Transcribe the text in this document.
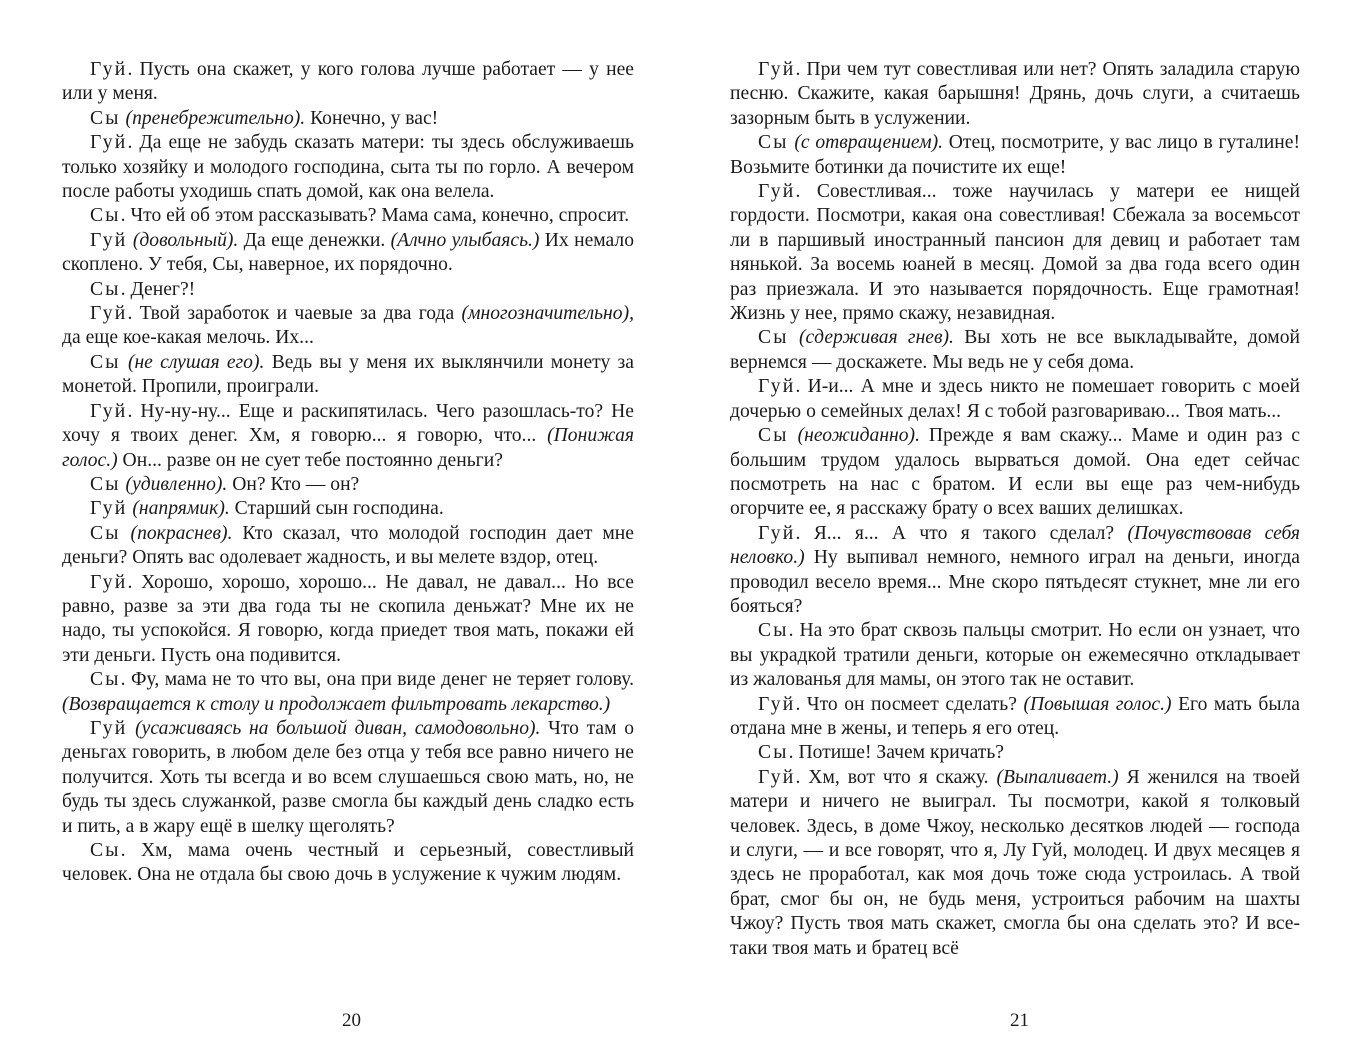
Гуй. Пусть она скажет, у кого голова лучше работает — у нее или у меня.

Сы (пренебрежительно). Конечно, у вас!

Гуй. Да еще не забудь сказать матери: ты здесь обслуживаешь только хозяйку и молодого господина, сыта ты по горло. А вечером после работы уходишь спать домой, как она велела.

Сы. Что ей об этом рассказывать? Мама сама, конечно, спросит.

Гуй (довольный). Да еще денежки. (Алчно улыбаясь.) Их немало скоплено. У тебя, Сы, наверное, их порядочно.

Сы. Денег?!

Гуй. Твой заработок и чаевые за два года (многозначительно), да еще кое-какая мелочь. Их...

Сы (не слушая его). Ведь вы у меня их выклянчили монету за монетой. Пропили, проиграли.

Гуй. Ну-ну-ну... Еще и раскипятилась. Чего разошлась-то? Не хочу я твоих денег. Хм, я говорю... я говорю, что... (Понижая голос.) Он... разве он не сует тебе постоянно деньги?

Сы (удивленно). Он? Кто — он?

Гуй (напрямик). Старший сын господина.

Сы (покраснев). Кто сказал, что молодой господин дает мне деньги? Опять вас одолевает жадность, и вы мелете вздор, отец.

Гуй. Хорошо, хорошо, хорошо... Не давал, не давал... Но все равно, разве за эти два года ты не скопила деньжат? Мне их не надо, ты успокойся. Я говорю, когда приедет твоя мать, покажи ей эти деньги. Пусть она подивится.

Сы. Фу, мама не то что вы, она при виде денег не теряет голову. (Возвращается к столу и продолжает фильтровать лекарство.)

Гуй (усаживаясь на большой диван, самодовольно). Что там о деньгах говорить, в любом деле без отца у тебя все равно ничего не получится. Хоть ты всегда и во всем слушаешься свою мать, но, не будь ты здесь служанкой, разве смогла бы каждый день сладко есть и пить, а в жару ещё в шелку щеголять?

Сы. Хм, мама очень честный и серьезный, совестливый человек. Она не отдала бы свою дочь в услужение к чужим людям.

Гуй. При чем тут совестливая или нет? Опять заладила старую песню. Скажите, какая барышня! Дрянь, дочь слуги, а считаешь зазорным быть в услужении.

Сы (с отвращением). Отец, посмотрите, у вас лицо в гуталине! Возьмите ботинки да почистите их еще!

Гуй. Совестливая... тоже научилась у матери ее нищей гордости. Посмотри, какая она совестливая! Сбежала за восемьсот ли в паршивый иностранный пансион для девиц и работает там нянькой. За восемь юаней в месяц. Домой за два года всего один раз приезжала. И это называется порядочность. Еще грамотная! Жизнь у нее, прямо скажу, незавидная.

Сы (сдерживая гнев). Вы хоть не все выкладывайте, домой вернемся — доскажете. Мы ведь не у себя дома.

Гуй. И-и... А мне и здесь никто не помешает говорить с моей дочерью о семейных делах! Я с тобой разговариваю... Твоя мать...

Сы (неожиданно). Прежде я вам скажу... Маме и один раз с большим трудом удалось вырваться домой. Она едет сейчас посмотреть на нас с братом. И если вы еще раз чем-нибудь огорчите ее, я расскажу брату о всех ваших делишках.

Гуй. Я... я... А что я такого сделал? (Почувствовав себя неловко.) Ну выпивал немного, немного играл на деньги, иногда проводил весело время... Мне скоро пятьдесят стукнет, мне ли его бояться?

Сы. На это брат сквозь пальцы смотрит. Но если он узнает, что вы украдкой тратили деньги, которые он ежемесячно откладывает из жалованья для мамы, он этого так не оставит.

Гуй. Что он посмеет сделать? (Повышая голос.) Его мать была отдана мне в жены, и теперь я его отец.

Сы. Потише! Зачем кричать?

Гуй. Хм, вот что я скажу. (Выпаливает.) Я женился на твоей матери и ничего не выиграл. Ты посмотри, какой я толковый человек. Здесь, в доме Чжоу, несколько десятков людей — господа и слуги, — и все говорят, что я, Лу Гуй, молодец. И двух месяцев я здесь не проработал, как моя дочь тоже сюда устроилась. А твой брат, смог бы он, не будь меня, устроиться рабочим на шахты Чжоу? Пусть твоя мать скажет, смогла бы она сделать это? И все-таки твоя мать и братец всё

20	21
